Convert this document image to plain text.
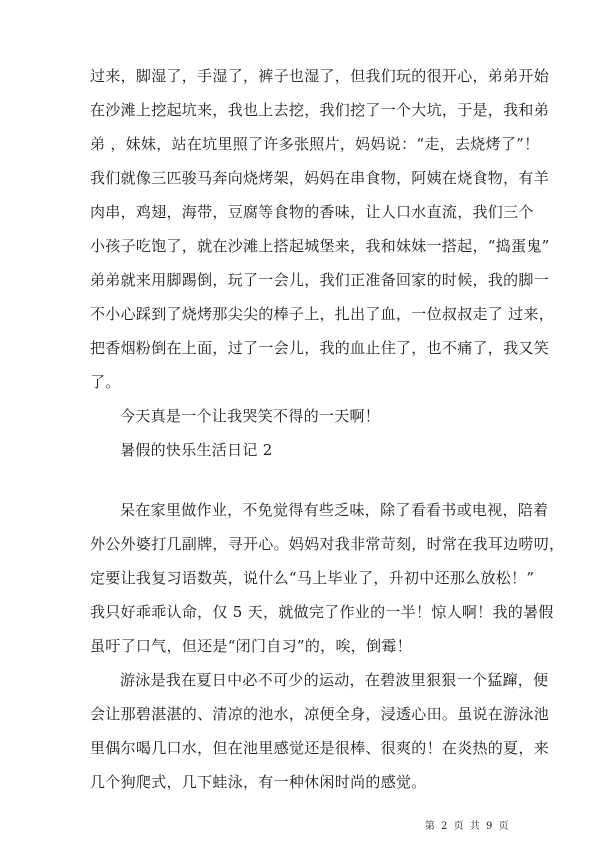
过来，脚湿了，手湿了，裤子也湿了，但我们玩的很开心，弟弟开始
在沙滩上挖起坑来，我也上去挖，我们挖了一个大坑，于是，我和弟
弟 ，妹妹，站在坑里照了许多张照片，妈妈说：“走，去烧烤了”！
我们就像三匹骏马奔向烧烤架，妈妈在串食物，阿姨在烧食物，有羊
肉串，鸡翅，海带，豆腐等食物的香味，让人口水直流，我们三个
小孩子吃饱了，就在沙滩上搭起城堡来，我和妹妹一搭起，“捣蛋鬼”
弟弟就来用脚踢倒，玩了一会儿，我们正准备回家的时候，我的脚一
不小心踩到了烧烤那尖尖的棒子上，扎出了血，一位叔叔走了 过来，
把香烟粉倒在上面，过了一会儿，我的血止住了，也不痛了，我又笑
了。
今天真是一个让我哭笑不得的一天啊！
暑假的快乐生活日记 2
呆在家里做作业，不免觉得有些乏味，除了看看书或电视，陪着
外公外婆打几副牌，寻开心。妈妈对我非常苛刻，时常在我耳边唠叨，
定要让我复习语数英，说什么“马上毕业了，升初中还那么放松！”
我只好乖乖认命，仅 5 天，就做完了作业的一半！惊人啊！我的暑假
虽吁了口气，但还是“闭门自习”的，唉，倒霉！
游泳是我在夏日中必不可少的运动，在碧波里狠狠一个猛蹿，便
会让那碧湛湛的、清凉的池水，凉便全身，浸透心田。虽说在游泳池
里偶尔喝几口水，但在池里感觉还是很棒、很爽的！在炎热的夏，来
几个狗爬式，几下蛙泳，有一种休闲时尚的感觉。
第 2 页 共 9 页
